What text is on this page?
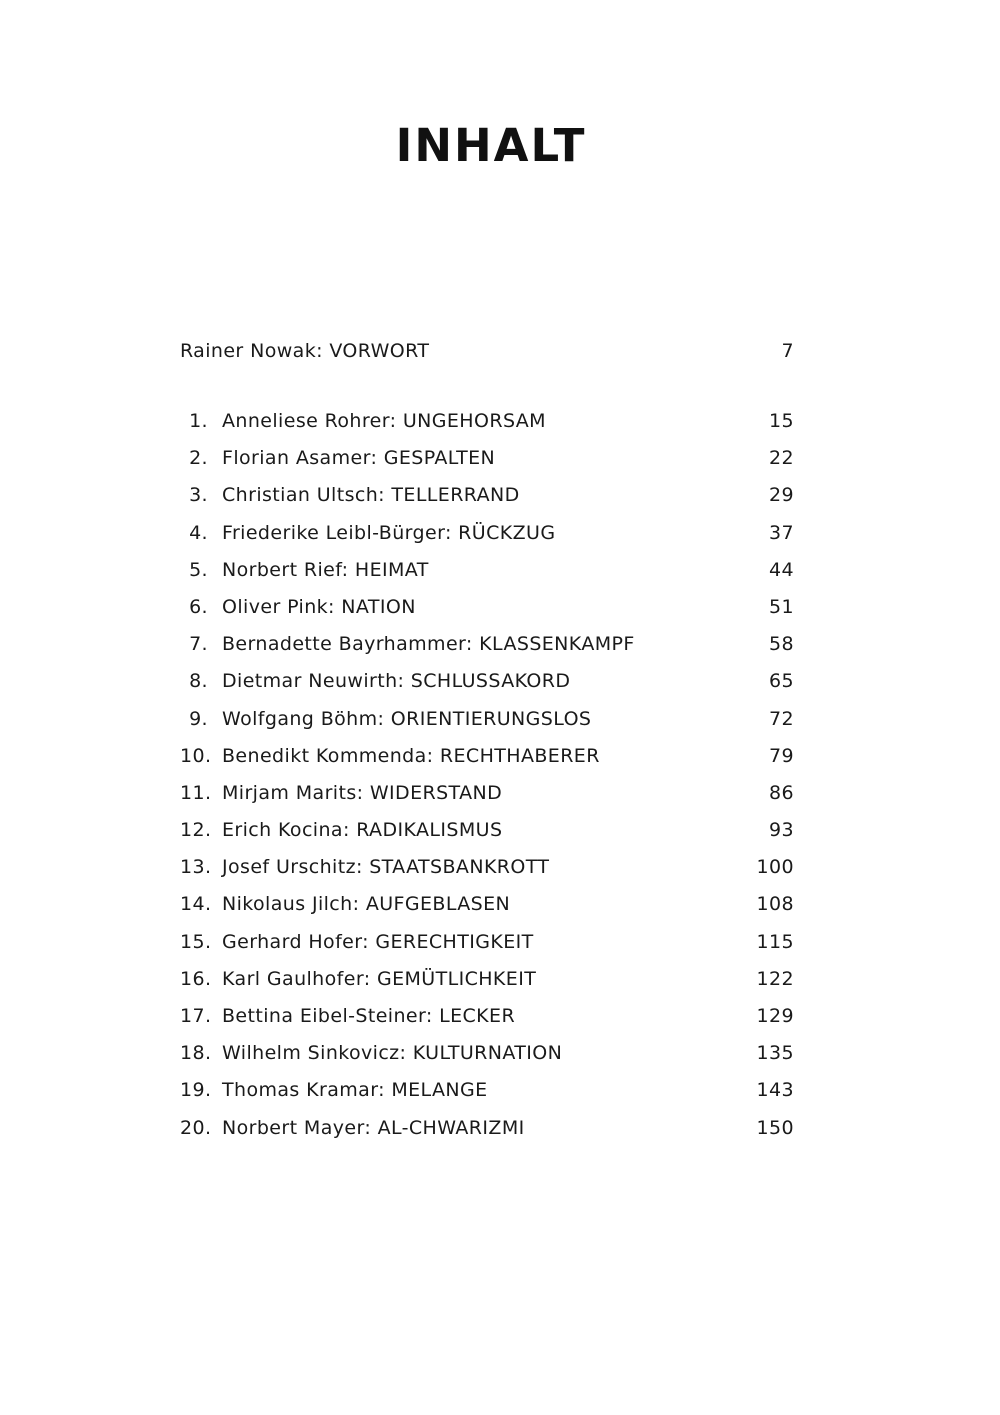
INHALT
Rainer Nowak: VORWORT	7
1. Anneliese Rohrer: UNGEHORSAM	15
2. Florian Asamer: GESPALTEN	22
3. Christian Ultsch: TELLERRAND	29
4. Friederike Leibl-Bürger: RÜCKZUG	37
5. Norbert Rief: HEIMAT	44
6. Oliver Pink: NATION	51
7. Bernadette Bayrhammer: KLASSENKAMPF	58
8. Dietmar Neuwirth: SCHLUSSAKORD	65
9. Wolfgang Böhm: ORIENTIERUNGSLOS	72
10. Benedikt Kommenda: RECHTHABERER	79
11. Mirjam Marits: WIDERSTAND	86
12. Erich Kocina: RADIKALISMUS	93
13. Josef Urschitz: STAATSBANKROTT	100
14. Nikolaus Jilch: AUFGEBLASEN	108
15. Gerhard Hofer: GERECHTIGKEIT	115
16. Karl Gaulhofer: GEMÜTLICHKEIT	122
17. Bettina Eibel-Steiner: LECKER	129
18. Wilhelm Sinkovicz: KULTURNATION	135
19. Thomas Kramar: MELANGE	143
20. Norbert Mayer: AL-CHWARIZMI	150
